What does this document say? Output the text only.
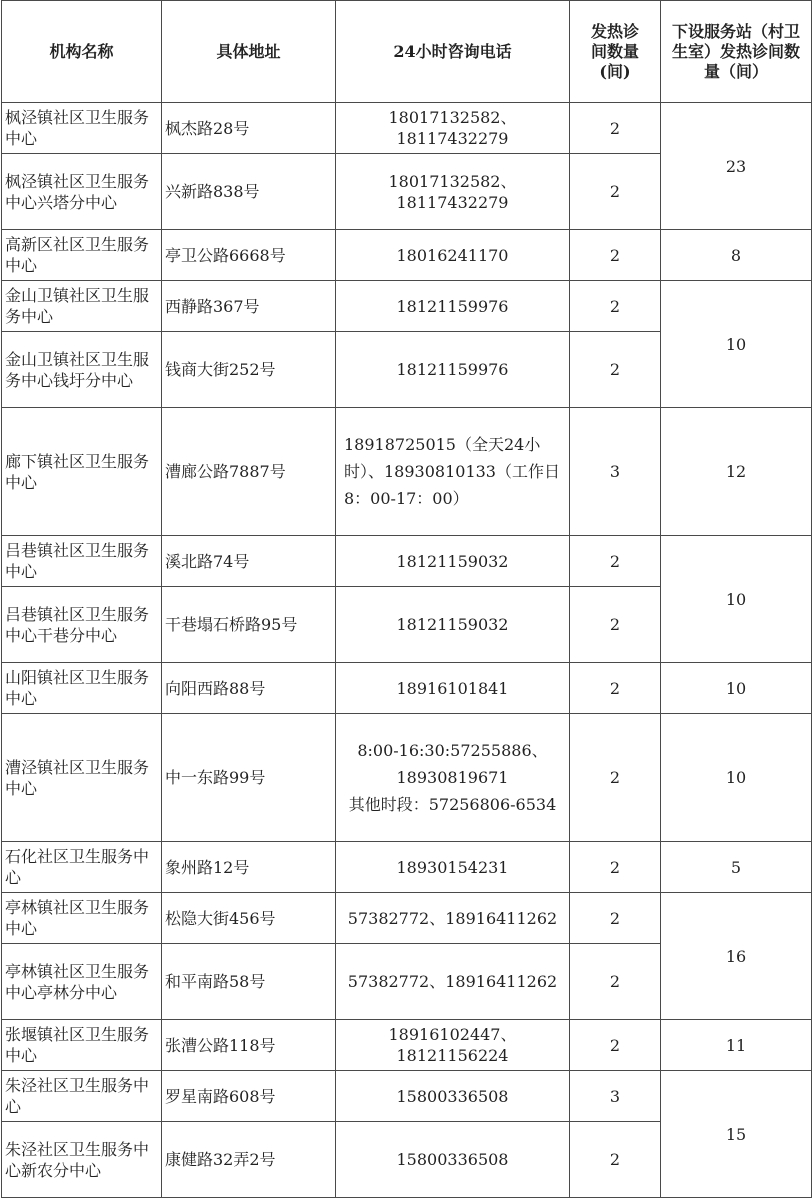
机构名称	具体地址	24小时咨询电话	发热诊间数量(间)	下设服务站（村卫生室）发热诊间数量（间）
枫泾镇社区卫生服务中心	枫杰路28号	18017132582、
18117432279	2	23
枫泾镇社区卫生服务中心兴塔分中心	兴新路838号	18017132582、
18117432279	2	
高新区社区卫生服务中心	亭卫公路6668号	18016241170	2	8
金山卫镇社区卫生服务中心	西静路367号	18121159976	2	10
金山卫镇社区卫生服务中心钱圩分中心	钱商大街252号	18121159976	2	
廊下镇社区卫生服务中心	漕廊公路7887号	18918725015（全天24小时）、18930810133（工作日8：00-17：00）	3	12
吕巷镇社区卫生服务中心	溪北路74号	18121159032	2	10
吕巷镇社区卫生服务中心干巷分中心	干巷塌石桥路95号	18121159032	2	
山阳镇社区卫生服务中心	向阳西路88号	18916101841	2	10
漕泾镇社区卫生服务中心	中一东路99号	8:00-16:30:57255886、
18930819671
其他时段：57256806-6534	2	10
石化社区卫生服务中心	象州路12号	18930154231	2	5
亭林镇社区卫生服务中心	松隐大街456号	57382772、18916411262	2	16
亭林镇社区卫生服务中心亭林分中心	和平南路58号	57382772、18916411262	2	
张堰镇社区卫生服务中心	张漕公路118号	18916102447、
18121156224	2	11
朱泾社区卫生服务中心	罗星南路608号	15800336508	3	15
朱泾社区卫生服务中心新农分中心	康健路32弄2号	15800336508	2	
